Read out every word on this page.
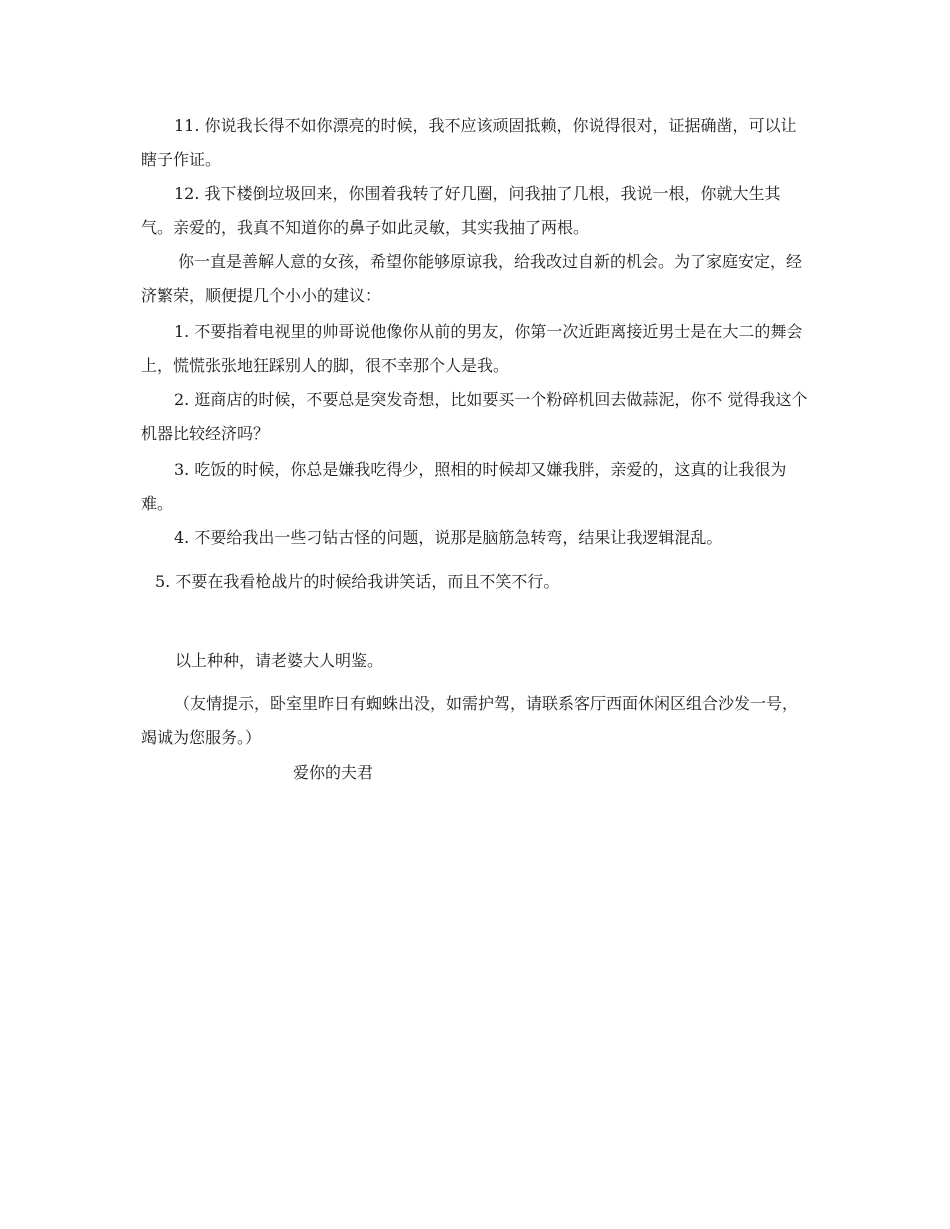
11. 你说我长得不如你漂亮的时候，我不应该顽固抵赖，你说得很对，证据确凿，可以让瞎子作证。

12. 我下楼倒垃圾回来，你围着我转了好几圈，问我抽了几根，我说一根，你就大生其气。亲爱的，我真不知道你的鼻子如此灵敏，其实我抽了两根。

你一直是善解人意的女孩，希望你能够原谅我，给我改过自新的机会。为了家庭安定，经济繁荣，顺便提几个小小的建议：

1. 不要指着电视里的帅哥说他像你从前的男友，你第一次近距离接近男士是在大二的舞会上，慌慌张张地狂踩别人的脚，很不幸那个人是我。

2. 逛商店的时候，不要总是突发奇想，比如要买一个粉碎机回去做蒜泥，你不 觉得我这个机器比较经济吗？

3. 吃饭的时候，你总是嫌我吃得少，照相的时候却又嫌我胖，亲爱的，这真的让我很为难。

4. 不要给我出一些刁钻古怪的问题，说那是脑筋急转弯，结果让我逻辑混乱。

5. 不要在我看枪战片的时候给我讲笑话，而且不笑不行。

以上种种，请老婆大人明鉴。

（友情提示，卧室里昨日有蜘蛛出没，如需护驾，请联系客厅西面休闲区组合沙发一号，竭诚为您服务。）

爱你的夫君
